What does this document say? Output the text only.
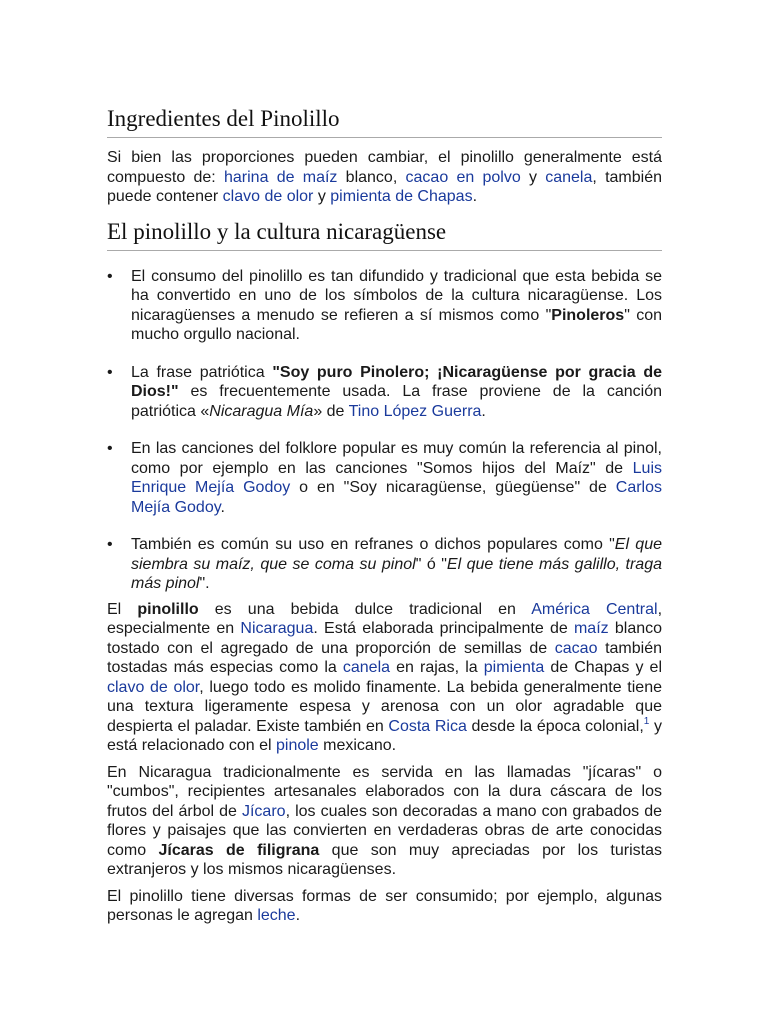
Ingredientes del Pinolillo

Si bien las proporciones pueden cambiar, el pinolillo generalmente está compuesto de: harina de maíz blanco, cacao en polvo y canela, también puede contener clavo de olor y pimienta de Chapas.

El pinolillo y la cultura nicaragüense
• El consumo del pinolillo es tan difundido y tradicional que esta bebida se ha convertido en uno de los símbolos de la cultura nicaragüense. Los nicaragüenses a menudo se refieren a sí mismos como "Pinoleros" con mucho orgullo nacional.
• La frase patriótica "Soy puro Pinolero; ¡Nicaragüense por gracia de Dios!" es frecuentemente usada. La frase proviene de la canción patriótica «Nicaragua Mía» de Tino López Guerra.
• En las canciones del folklore popular es muy común la referencia al pinol, como por ejemplo en las canciones "Somos hijos del Maíz" de Luis Enrique Mejía Godoy o en "Soy nicaragüense, güegüense" de Carlos Mejía Godoy.
• También es común su uso en refranes o dichos populares como "El que siembra su maíz, que se coma su pinol" ó "El que tiene más galillo, traga más pinol".

El pinolillo es una bebida dulce tradicional en América Central, especialmente en Nicaragua. Está elaborada principalmente de maíz blanco tostado con el agregado de una proporción de semillas de cacao también tostadas más especias como la canela en rajas, la pimienta de Chapas y el clavo de olor, luego todo es molido finamente. La bebida generalmente tiene una textura ligeramente espesa y arenosa con un olor agradable que despierta el paladar. Existe también en Costa Rica desde la época colonial,$^1$ y está relacionado con el pinole mexicano.

En Nicaragua tradicionalmente es servida en las llamadas "jícaras" o "cumbos", recipientes artesanales elaborados con la dura cáscara de los frutos del árbol de Jícaro, los cuales son decoradas a mano con grabados de flores y paisajes que las convierten en verdaderas obras de arte conocidas como Jícaras de filigrana que son muy apreciadas por los turistas extranjeros y los mismos nicaragüenses.

El pinolillo tiene diversas formas de ser consumido; por ejemplo, algunas personas le agregan leche.
